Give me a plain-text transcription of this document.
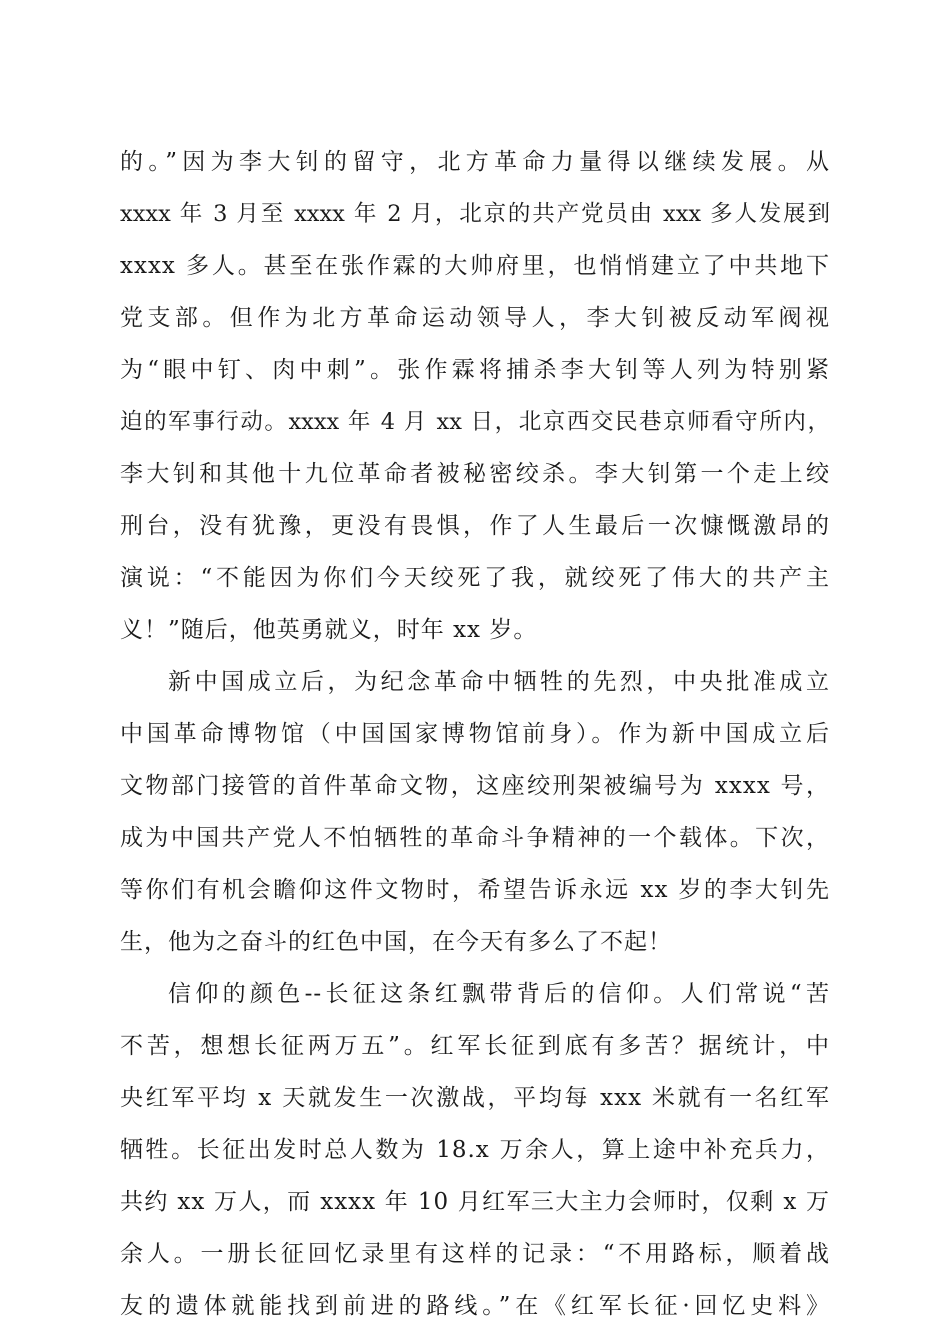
的。”因为李大钊的留守，北方革命力量得以继续发展。从
xxxx 年 3 月至 xxxx 年 2 月，北京的共产党员由 xxx 多人发展到
xxxx 多人。甚至在张作霖的大帅府里，也悄悄建立了中共地下
党支部。但作为北方革命运动领导人，李大钊被反动军阀视
为“眼中钉、肉中刺”。张作霖将捕杀李大钊等人列为特别紧
迫的军事行动。xxxx 年 4 月 xx 日，北京西交民巷京师看守所内，
李大钊和其他十九位革命者被秘密绞杀。李大钊第一个走上绞
刑台，没有犹豫，更没有畏惧，作了人生最后一次慷慨激昂的
演说：“不能因为你们今天绞死了我，就绞死了伟大的共产主
义！”随后，他英勇就义，时年 xx 岁。
新中国成立后，为纪念革命中牺牲的先烈，中央批准成立
中国革命博物馆（中国国家博物馆前身）。作为新中国成立后
文物部门接管的首件革命文物，这座绞刑架被编号为 xxxx 号，
成为中国共产党人不怕牺牲的革命斗争精神的一个载体。下次，
等你们有机会瞻仰这件文物时，希望告诉永远 xx 岁的李大钊先
生，他为之奋斗的红色中国，在今天有多么了不起！
信仰的颜色--长征这条红飘带背后的信仰。人们常说“苦
不苦，想想长征两万五”。红军长征到底有多苦？据统计，中
央红军平均 x 天就发生一次激战，平均每 xxx 米就有一名红军
牺牲。长征出发时总人数为 18.x 万余人，算上途中补充兵力，
共约 xx 万人，而 xxxx 年 10 月红军三大主力会师时，仅剩 x 万
余人。一册长征回忆录里有这样的记录：“不用路标，顺着战
友的遗体就能找到前进的路线。”在《红军长征·回忆史料》
